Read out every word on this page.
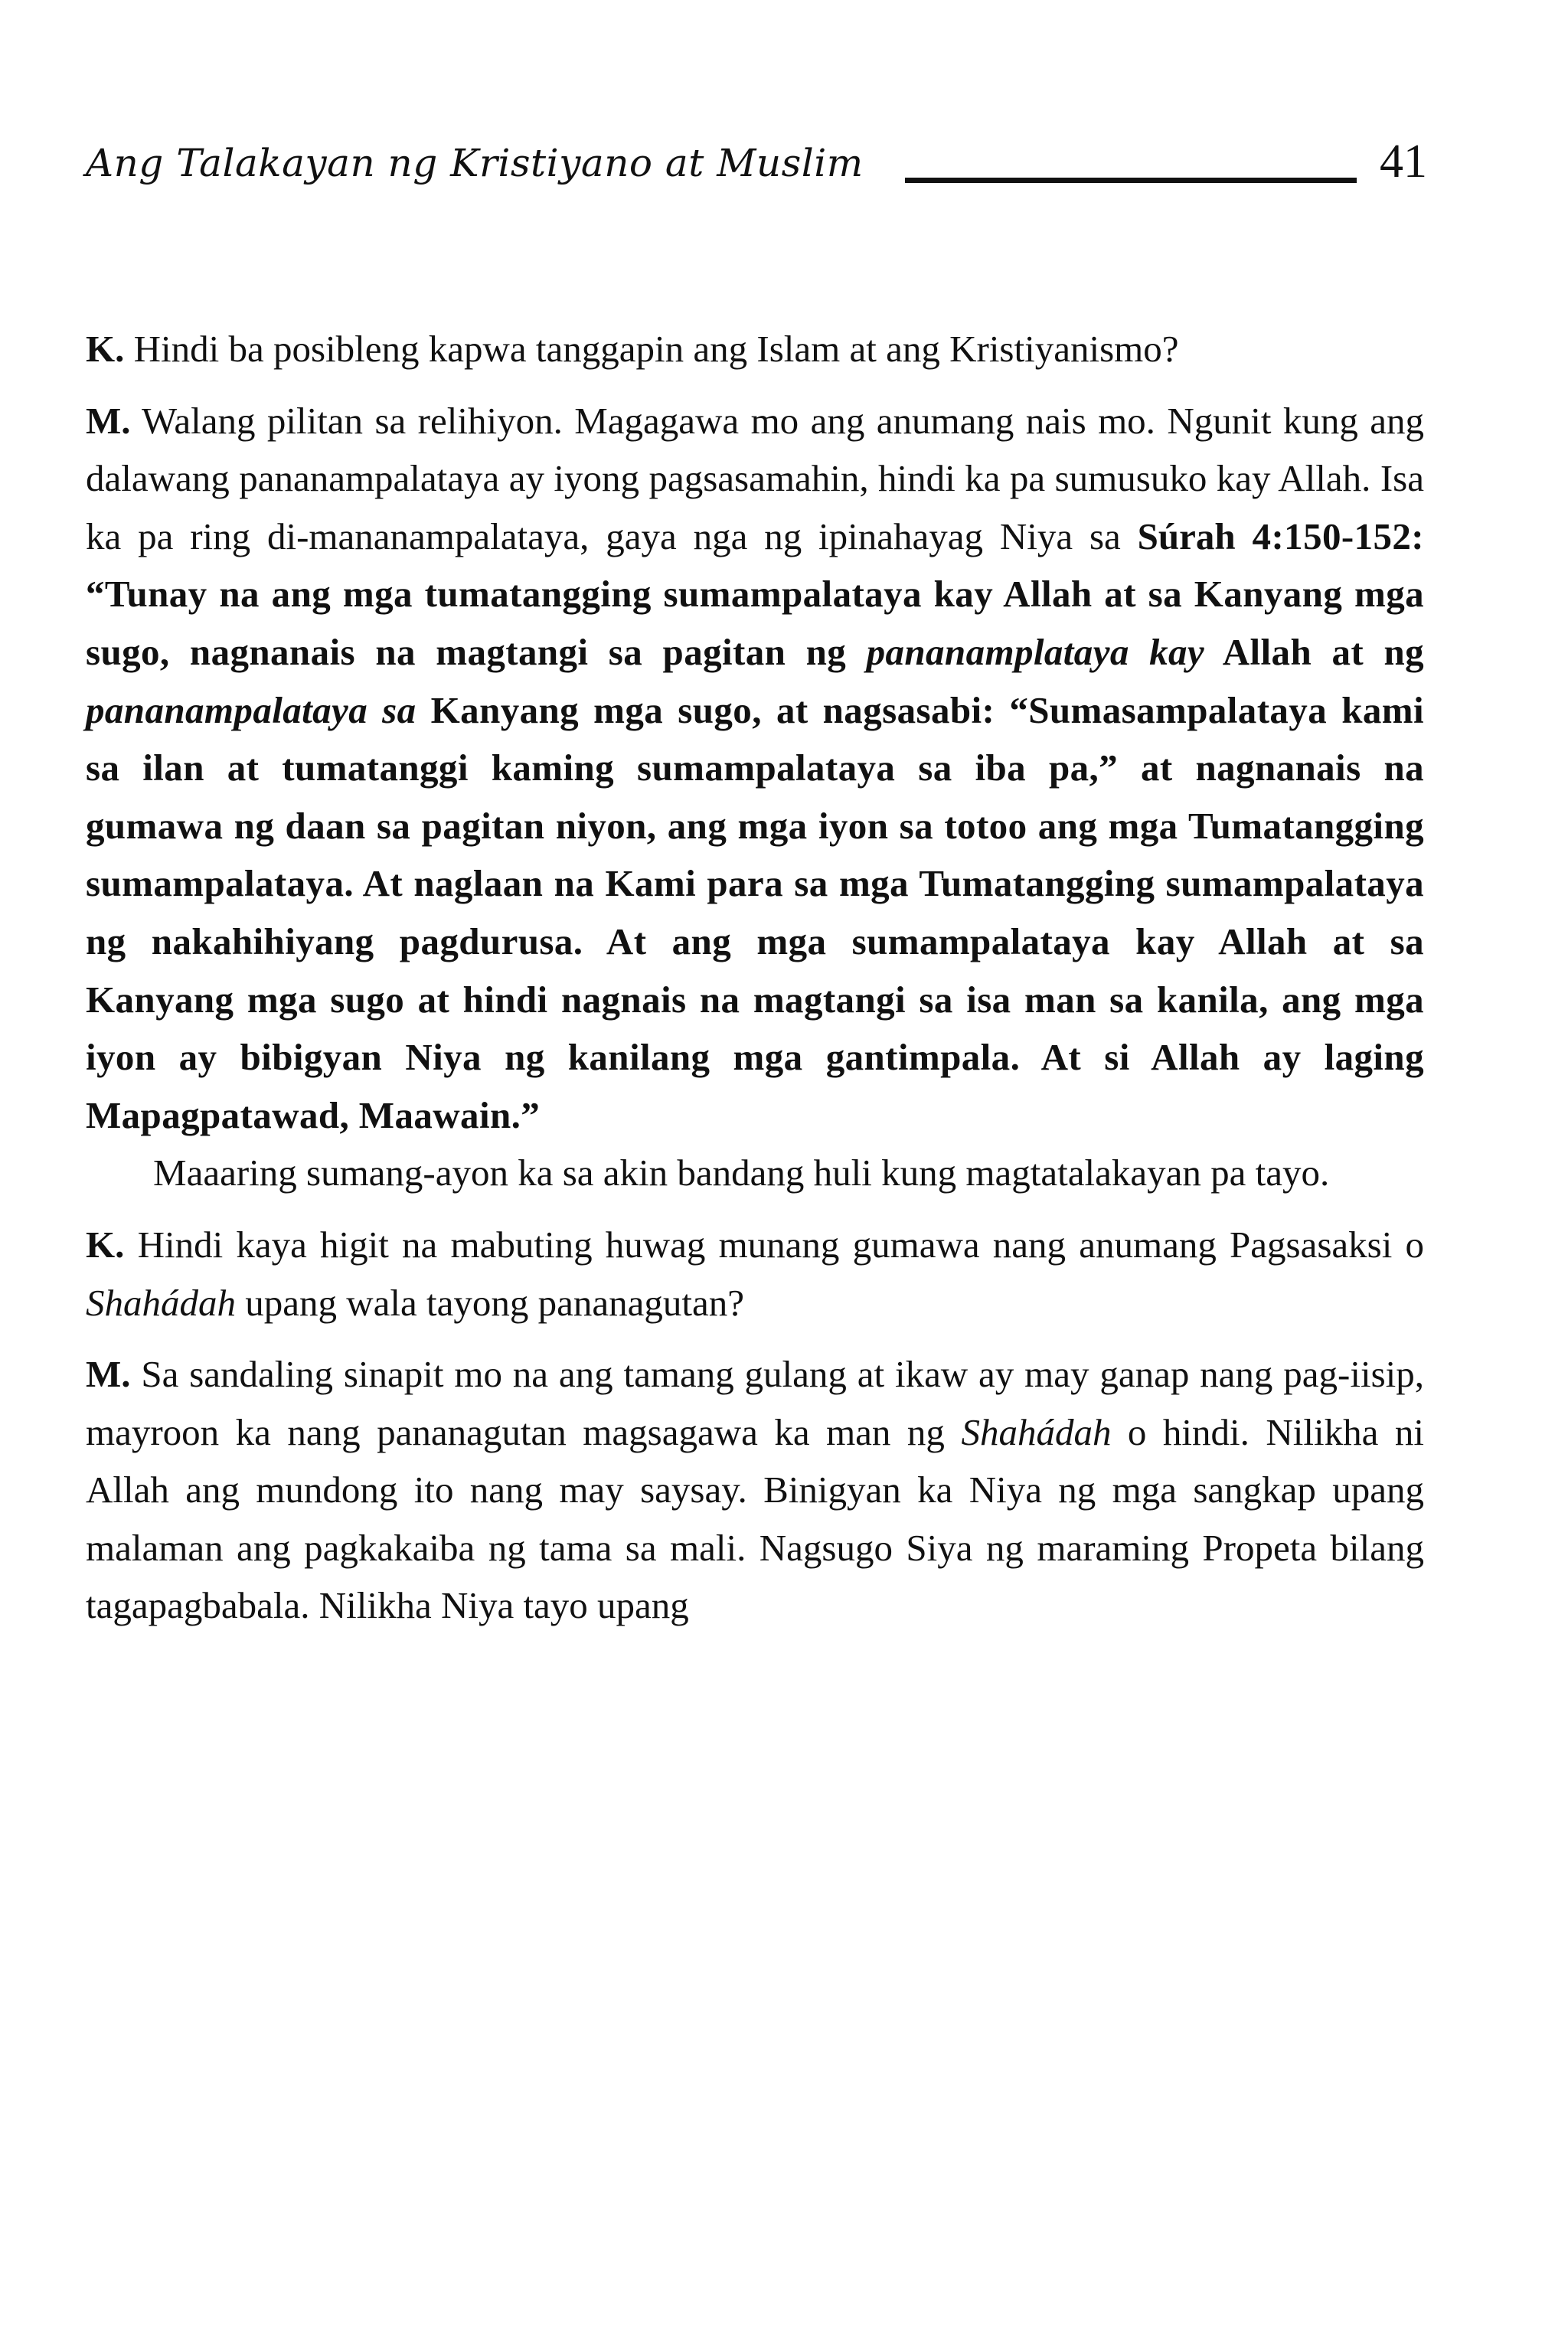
Ang Talakayan ng Kristiyano at Muslim	41

K. Hindi ba posibleng kapwa tanggapin ang Islam at ang Kristiyanismo?

M. Walang pilitan sa relihiyon. Magagawa mo ang anumang nais mo. Ngunit kung ang dalawang pananampalataya ay iyong pagsasamahin, hindi ka pa sumusuko kay Allah. Isa ka pa ring di-mananampalataya, gaya nga ng ipinahayag Niya sa Súrah 4:150-152: “Tunay na ang mga tumatangging sumampalataya kay Allah at sa Kanyang mga sugo, nagnanais na magtangi sa pagitan ng pananamplataya kay Allah at ng pananampalataya sa Kanyang mga sugo, at nagsasabi: “Sumasampalataya kami sa ilan at tumatanggi kaming sumampalataya sa iba pa,” at nagnanais na gumawa ng daan sa pagitan niyon, ang mga iyon sa totoo ang mga Tumatangging sumampalataya. At naglaan na Kami para sa mga Tumatangging sumampalataya ng nakahihiyang pagdurusa. At ang mga sumampalataya kay Allah at sa Kanyang mga sugo at hindi nagnais na magtangi sa isa man sa kanila, ang mga iyon ay bibigyan Niya ng kanilang mga gantimpala. At si Allah ay laging Mapagpatawad, Maawain.”

Maaaring sumang-ayon ka sa akin bandang huli kung magtatalakayan pa tayo.

K. Hindi kaya higit na mabuting huwag munang gumawa nang anumang Pagsasaksi o Shahádah upang wala tayong pananagutan?

M. Sa sandaling sinapit mo na ang tamang gulang at ikaw ay may ganap nang pag-iisip, mayroon ka nang pananagutan magsagawa ka man ng Shahádah o hindi. Nilikha ni Allah ang mundong ito nang may saysay. Binigyan ka Niya ng mga sangkap upang malaman ang pagkakaiba ng tama sa mali. Nagsugo Siya ng maraming Propeta bilang tagapagbabala. Nilikha Niya tayo upang
